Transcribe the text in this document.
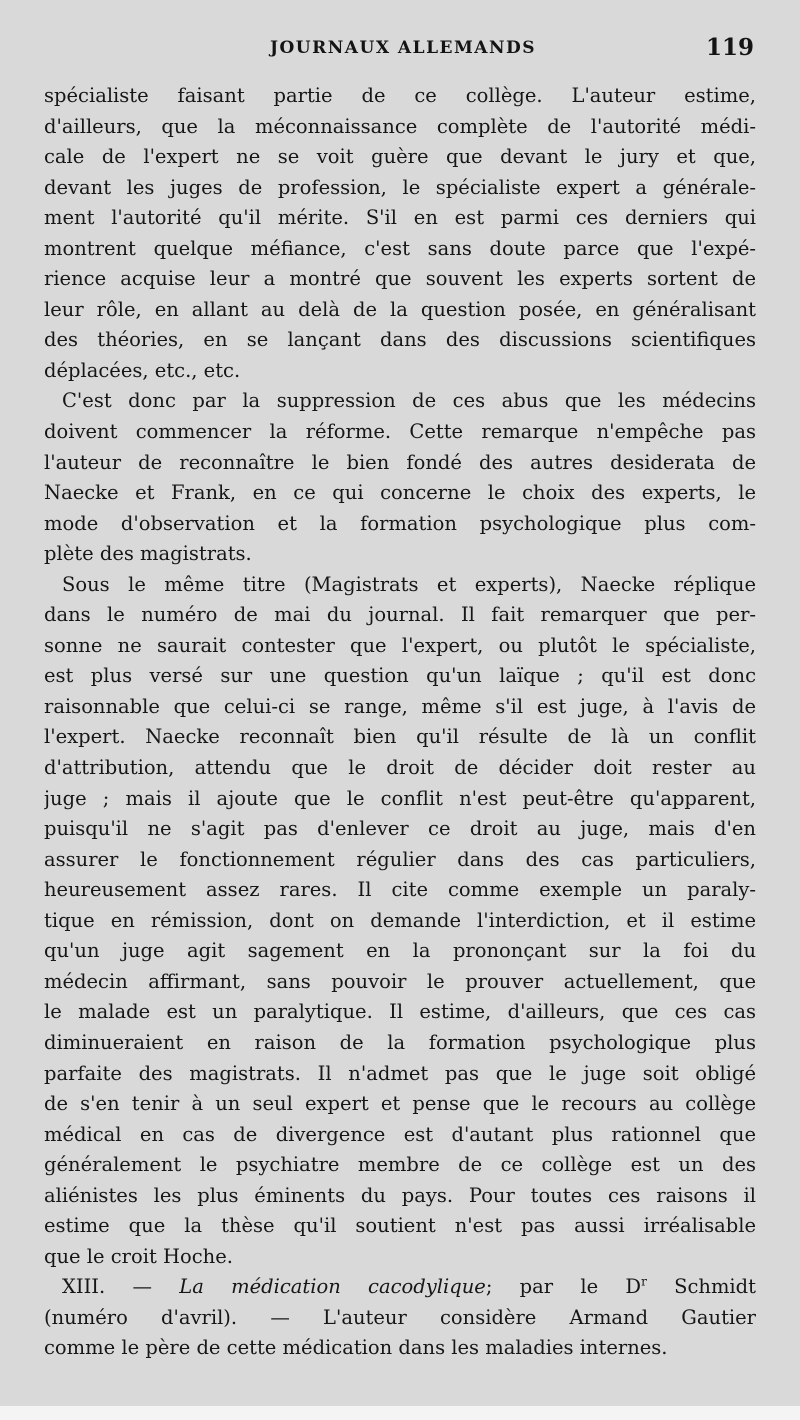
JOURNAUX ALLEMANDS	119
spécialiste faisant partie de ce collège. L'auteur estime,
d'ailleurs, que la méconnaissance complète de l'autorité médi-
cale de l'expert ne se voit guère que devant le jury et que,
devant les juges de profession, le spécialiste expert a générale-
ment l'autorité qu'il mérite. S'il en est parmi ces derniers qui
montrent quelque méfiance, c'est sans doute parce que l'expé-
rience acquise leur a montré que souvent les experts sortent de
leur rôle, en allant au delà de la question posée, en généralisant
des théories, en se lançant dans des discussions scientifiques
déplacées, etc., etc.
C'est donc par la suppression de ces abus que les médecins
doivent commencer la réforme. Cette remarque n'empêche pas
l'auteur de reconnaître le bien fondé des autres desiderata de
Naecke et Frank, en ce qui concerne le choix des experts, le
mode d'observation et la formation psychologique plus com-
plète des magistrats.
Sous le même titre (Magistrats et experts), Naecke réplique
dans le numéro de mai du journal. Il fait remarquer que per-
sonne ne saurait contester que l'expert, ou plutôt le spécialiste,
est plus versé sur une question qu'un laïque ; qu'il est donc
raisonnable que celui-ci se range, même s'il est juge, à l'avis de
l'expert. Naecke reconnaît bien qu'il résulte de là un conflit
d'attribution, attendu que le droit de décider doit rester au
juge ; mais il ajoute que le conflit n'est peut-être qu'apparent,
puisqu'il ne s'agit pas d'enlever ce droit au juge, mais d'en
assurer le fonctionnement régulier dans des cas particuliers,
heureusement assez rares. Il cite comme exemple un paraly-
tique en rémission, dont on demande l'interdiction, et il estime
qu'un juge agit sagement en la prononçant sur la foi du
médecin affirmant, sans pouvoir le prouver actuellement, que
le malade est un paralytique. Il estime, d'ailleurs, que ces cas
diminueraient en raison de la formation psychologique plus
parfaite des magistrats. Il n'admet pas que le juge soit obligé
de s'en tenir à un seul expert et pense que le recours au collège
médical en cas de divergence est d'autant plus rationnel que
généralement le psychiatre membre de ce collège est un des
aliénistes les plus éminents du pays. Pour toutes ces raisons il
estime que la thèse qu'il soutient n'est pas aussi irréalisable
que le croit Hoche.
XIII. — La médication cacodylique; par le $D^r$ Schmidt
(numéro d'avril). — L'auteur considère Armand Gautier
comme le père de cette médication dans les maladies internes.
